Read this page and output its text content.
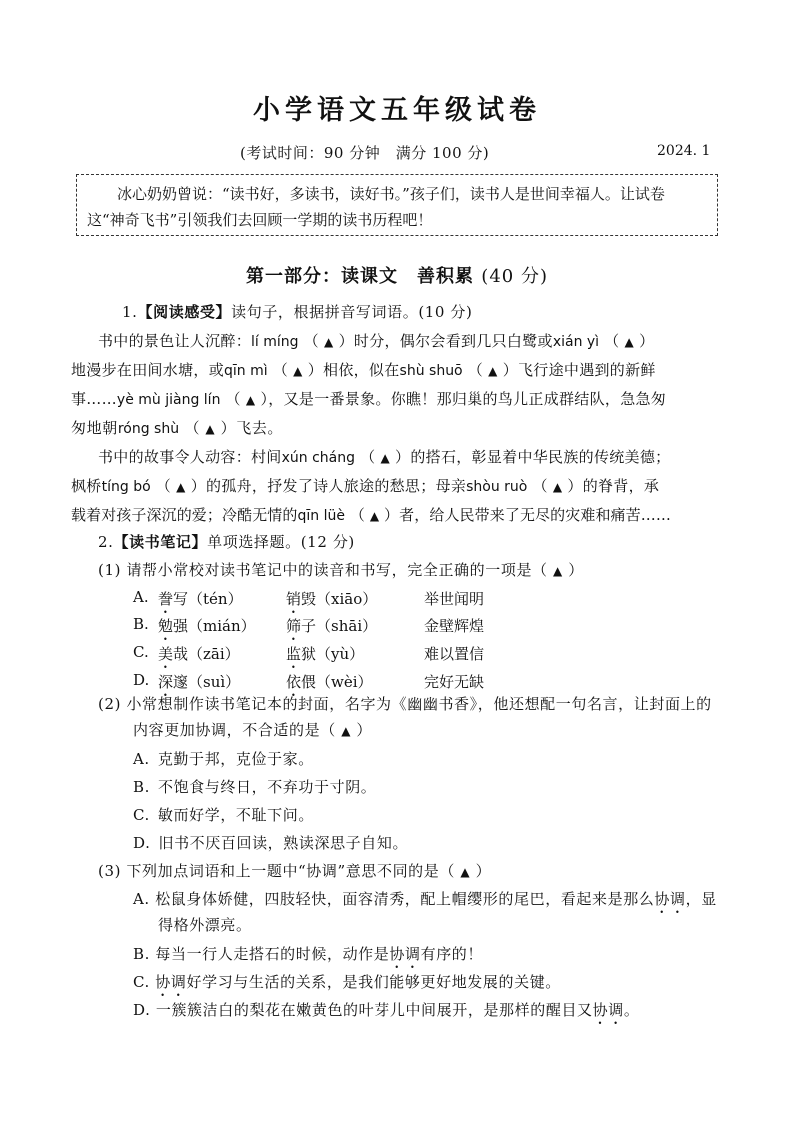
小学语文五年级试卷
(考试时间：90 分钟　满分 100 分)	2024. 1
冰心奶奶曾说：“读书好，多读书，读好书。”孩子们，读书人是世间幸福人。让试卷
这“神奇飞书”引领我们去回顾一学期的读书历程吧！
第一部分：读课文　善积累 (40 分)
1.【阅读感受】读句子，根据拼音写词语。(10 分)
书中的景色让人沉醉：lí míng （ ▲ ）时分，偶尔会看到几只白鹭或xián yì （ ▲ ）
地漫步在田间水塘，或qīn mì （ ▲ ）相依，似在shù shuō （ ▲ ）飞行途中遇到的新鲜
事……yè mù jiàng lín （ ▲ ），又是一番景象。你瞧！那归巢的鸟儿正成群结队，急急匆
匆地朝róng shù （ ▲ ）飞去。
书中的故事令人动容：村间xún cháng （ ▲ ）的搭石，彰显着中华民族的传统美德；
枫桥tíng bó （ ▲ ）的孤舟，抒发了诗人旅途的愁思；母亲shòu ruò （ ▲ ）的脊背，承
载着对孩子深沉的爱；冷酷无情的qīn lüè （ ▲ ）者，给人民带来了无尽的灾难和痛苦……
2.【读书笔记】单项选择题。(12 分)
(1) 请帮小常校对读书笔记中的读音和书写，完全正确的一项是（ ▲ ）
(2) 小常想制作读书笔记本的封面，名字为《幽幽书香》，他还想配一句名言，让封面上的
内容更加协调，不合适的是（ ▲ ）
(3) 下列加点词语和上一题中“协调”意思不同的是（ ▲ ）
A. 松鼠身体娇健，四肢轻快，面容清秀，配上帽缨形的尾巴，看起来是那么协调，显
得格外漂亮。
B. 每当一行人走搭石的时候，动作是协调有序的！
C. 协调好学习与生活的关系，是我们能够更好地发展的关键。
D. 一簇簇洁白的梨花在嫩黄色的叶芽儿中间展开，是那样的醒目又协调。
A. 誊写（tén）	销毁（xiāo）	举世闻明
B. 勉强（mián） 筛子（shāi）	金壁辉煌
C. 美哉（zāi）	监狱（yù）	难以置信
D. 深邃（suì）	依偎（wèi）	完好无缺
A. 克勤于邦，克俭于家。
B. 不饱食与终日，不弃功于寸阴。
C. 敏而好学，不耻下问。
D. 旧书不厌百回读，熟读深思子自知。
